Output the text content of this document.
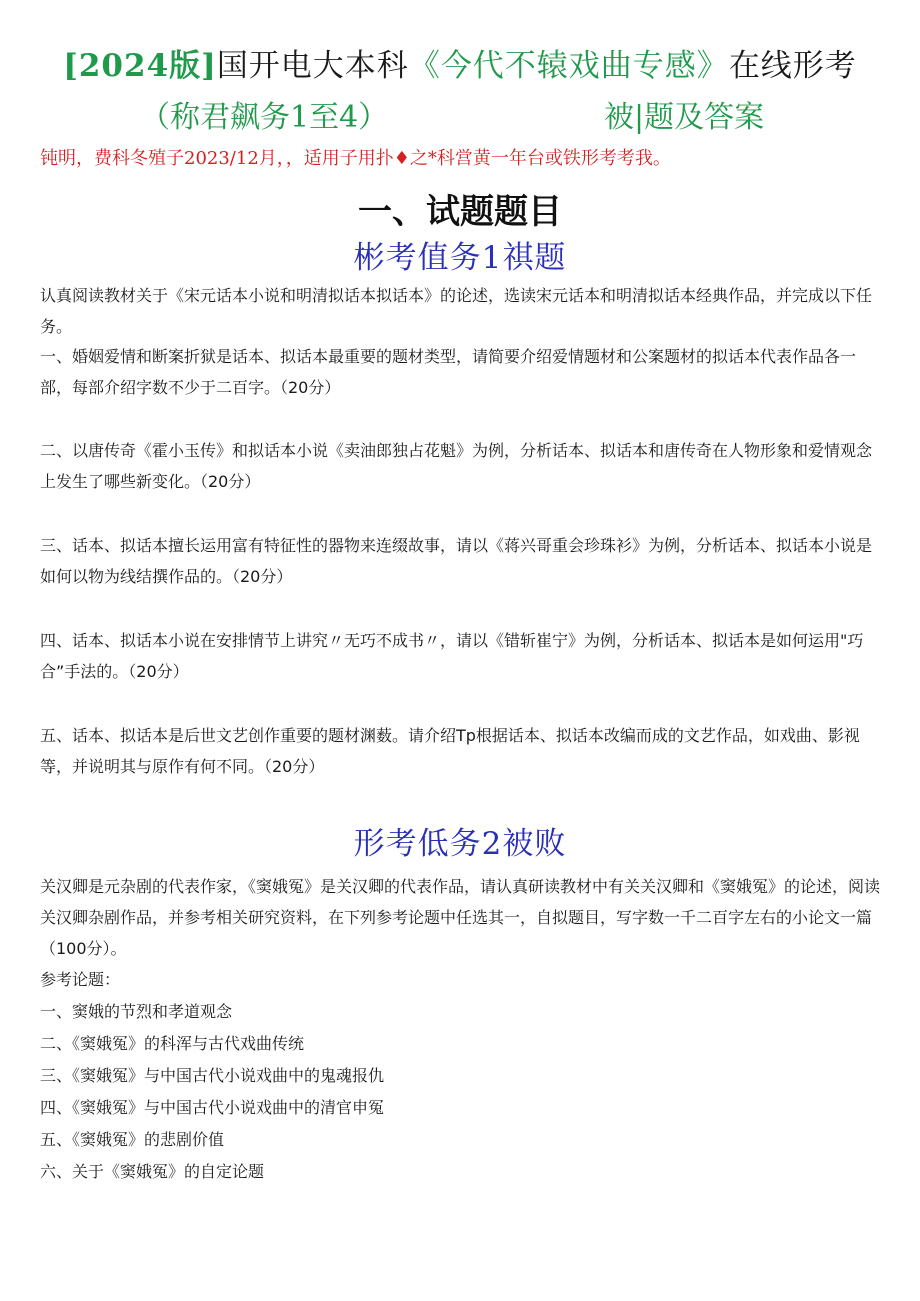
[2024版]国开电大本科《今代不辕戏曲专感》在线形考
（称君飙务1至4）	被|题及答案
钝明，费科冬殖子2023/12月，，适用子用扑♦之*科営黄一年台或铁形考考我。
一、试题题目
彬考值务1祺题
认真阅读教材关于《宋元话本小说和明清拟话本拟话本》的论述，选读宋元话本和明清拟话本经典作品，并完成以下任务。
一、婚姻爱情和断案折狱是话本、拟话本最重要的题材类型，请简要介绍爱情题材和公案题材的拟话本代表作品各一部，每部介绍字数不少于二百字。（20分）
二、以唐传奇《霍小玉传》和拟话本小说《卖油郎独占花魁》为例，分析话本、拟话本和唐传奇在人物形象和爱情观念上发生了哪些新变化。（20分）
三、话本、拟话本擅长运用富有特征性的器物来连缀故事，请以《蒋兴哥重会珍珠衫》为例，分析话本、拟话本小说是如何以物为线结撰作品的。（20分）
四、话本、拟话本小说在安排情节上讲究〃无巧不成书〃，请以《错斩崔宁》为例，分析话本、拟话本是如何运用"巧合”手法的。（20分）
五、话本、拟话本是后世文艺创作重要的题材渊薮。请介绍Tp根据话本、拟话本改编而成的文艺作品，如戏曲、影视等，并说明其与原作有何不同。（20分）
形考低务2被败
关汉卿是元杂剧的代表作家，《窦娥冤》是关汉卿的代表作品，请认真研读教材中有关关汉卿和《窦娥冤》的论述，阅读关汉卿杂剧作品，并参考相关研究资料，在下列参考论题中任选其一，自拟题目，写字数一千二百字左右的小论文一篇（100分）。
参考论题：
一、窦娥的节烈和孝道观念
二、《窦娥冤》的科浑与古代戏曲传统
三、《窦娥冤》与中国古代小说戏曲中的鬼魂报仇
四、《窦娥冤》与中国古代小说戏曲中的清官申冤
五、《窦娥冤》的悲剧价值
六、关于《窦娥冤》的自定论题
